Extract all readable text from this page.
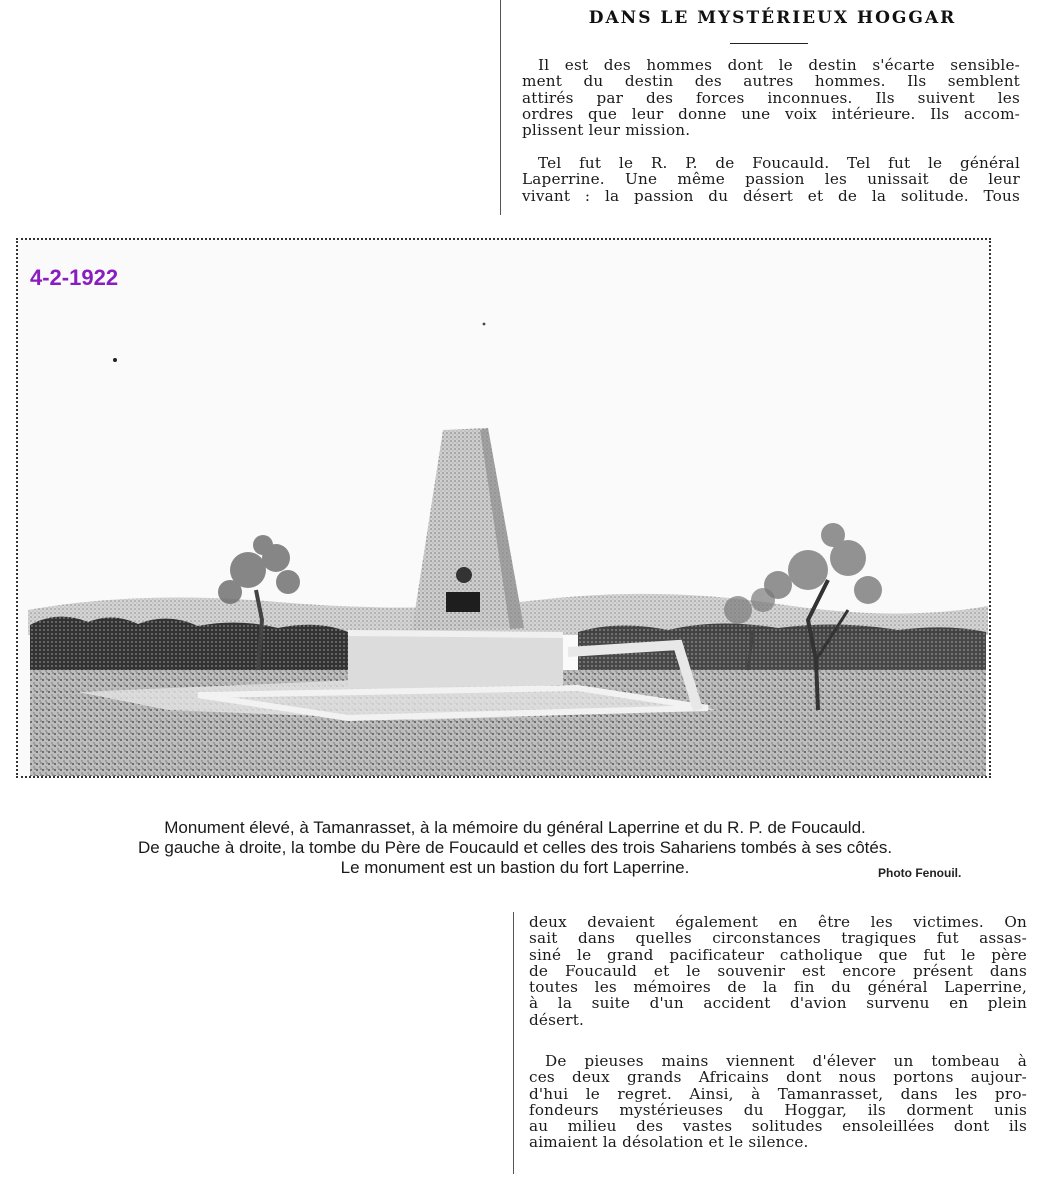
DANS LE MYSTÉRIEUX HOGGAR
Il est des hommes dont le destin s'écarte sensible-
ment du destin des autres hommes. Ils semblent
attirés par des forces inconnues. Ils suivent les
ordres que leur donne une voix intérieure. Ils accom-
plissent leur mission.
Tel fut le R. P. de Foucauld. Tel fut le général
Laperrine. Une même passion les unissait de leur
vivant : la passion du désert et de la solitude. Tous
4-2-1922
Monument élevé, à Tamanrasset, à la mémoire du général Laperrine et du R. P. de Foucauld.
De gauche à droite, la tombe du Père de Foucauld et celles des trois Sahariens tombés à ses côtés.
Le monument est un bastion du fort Laperrine.	Photo Fenouil.
deux devaient également en être les victimes. On
sait dans quelles circonstances tragiques fut assas-
siné le grand pacificateur catholique que fut le père
de Foucauld et le souvenir est encore présent dans
toutes les mémoires de la fin du général Laperrine,
à la suite d'un accident d'avion survenu en plein
désert.
De pieuses mains viennent d'élever un tombeau à
ces deux grands Africains dont nous portons aujour-
d'hui le regret. Ainsi, à Tamanrasset, dans les pro-
fondeurs mystérieuses du Hoggar, ils dorment unis
au milieu des vastes solitudes ensoleillées dont ils
aimaient la désolation et le silence.
